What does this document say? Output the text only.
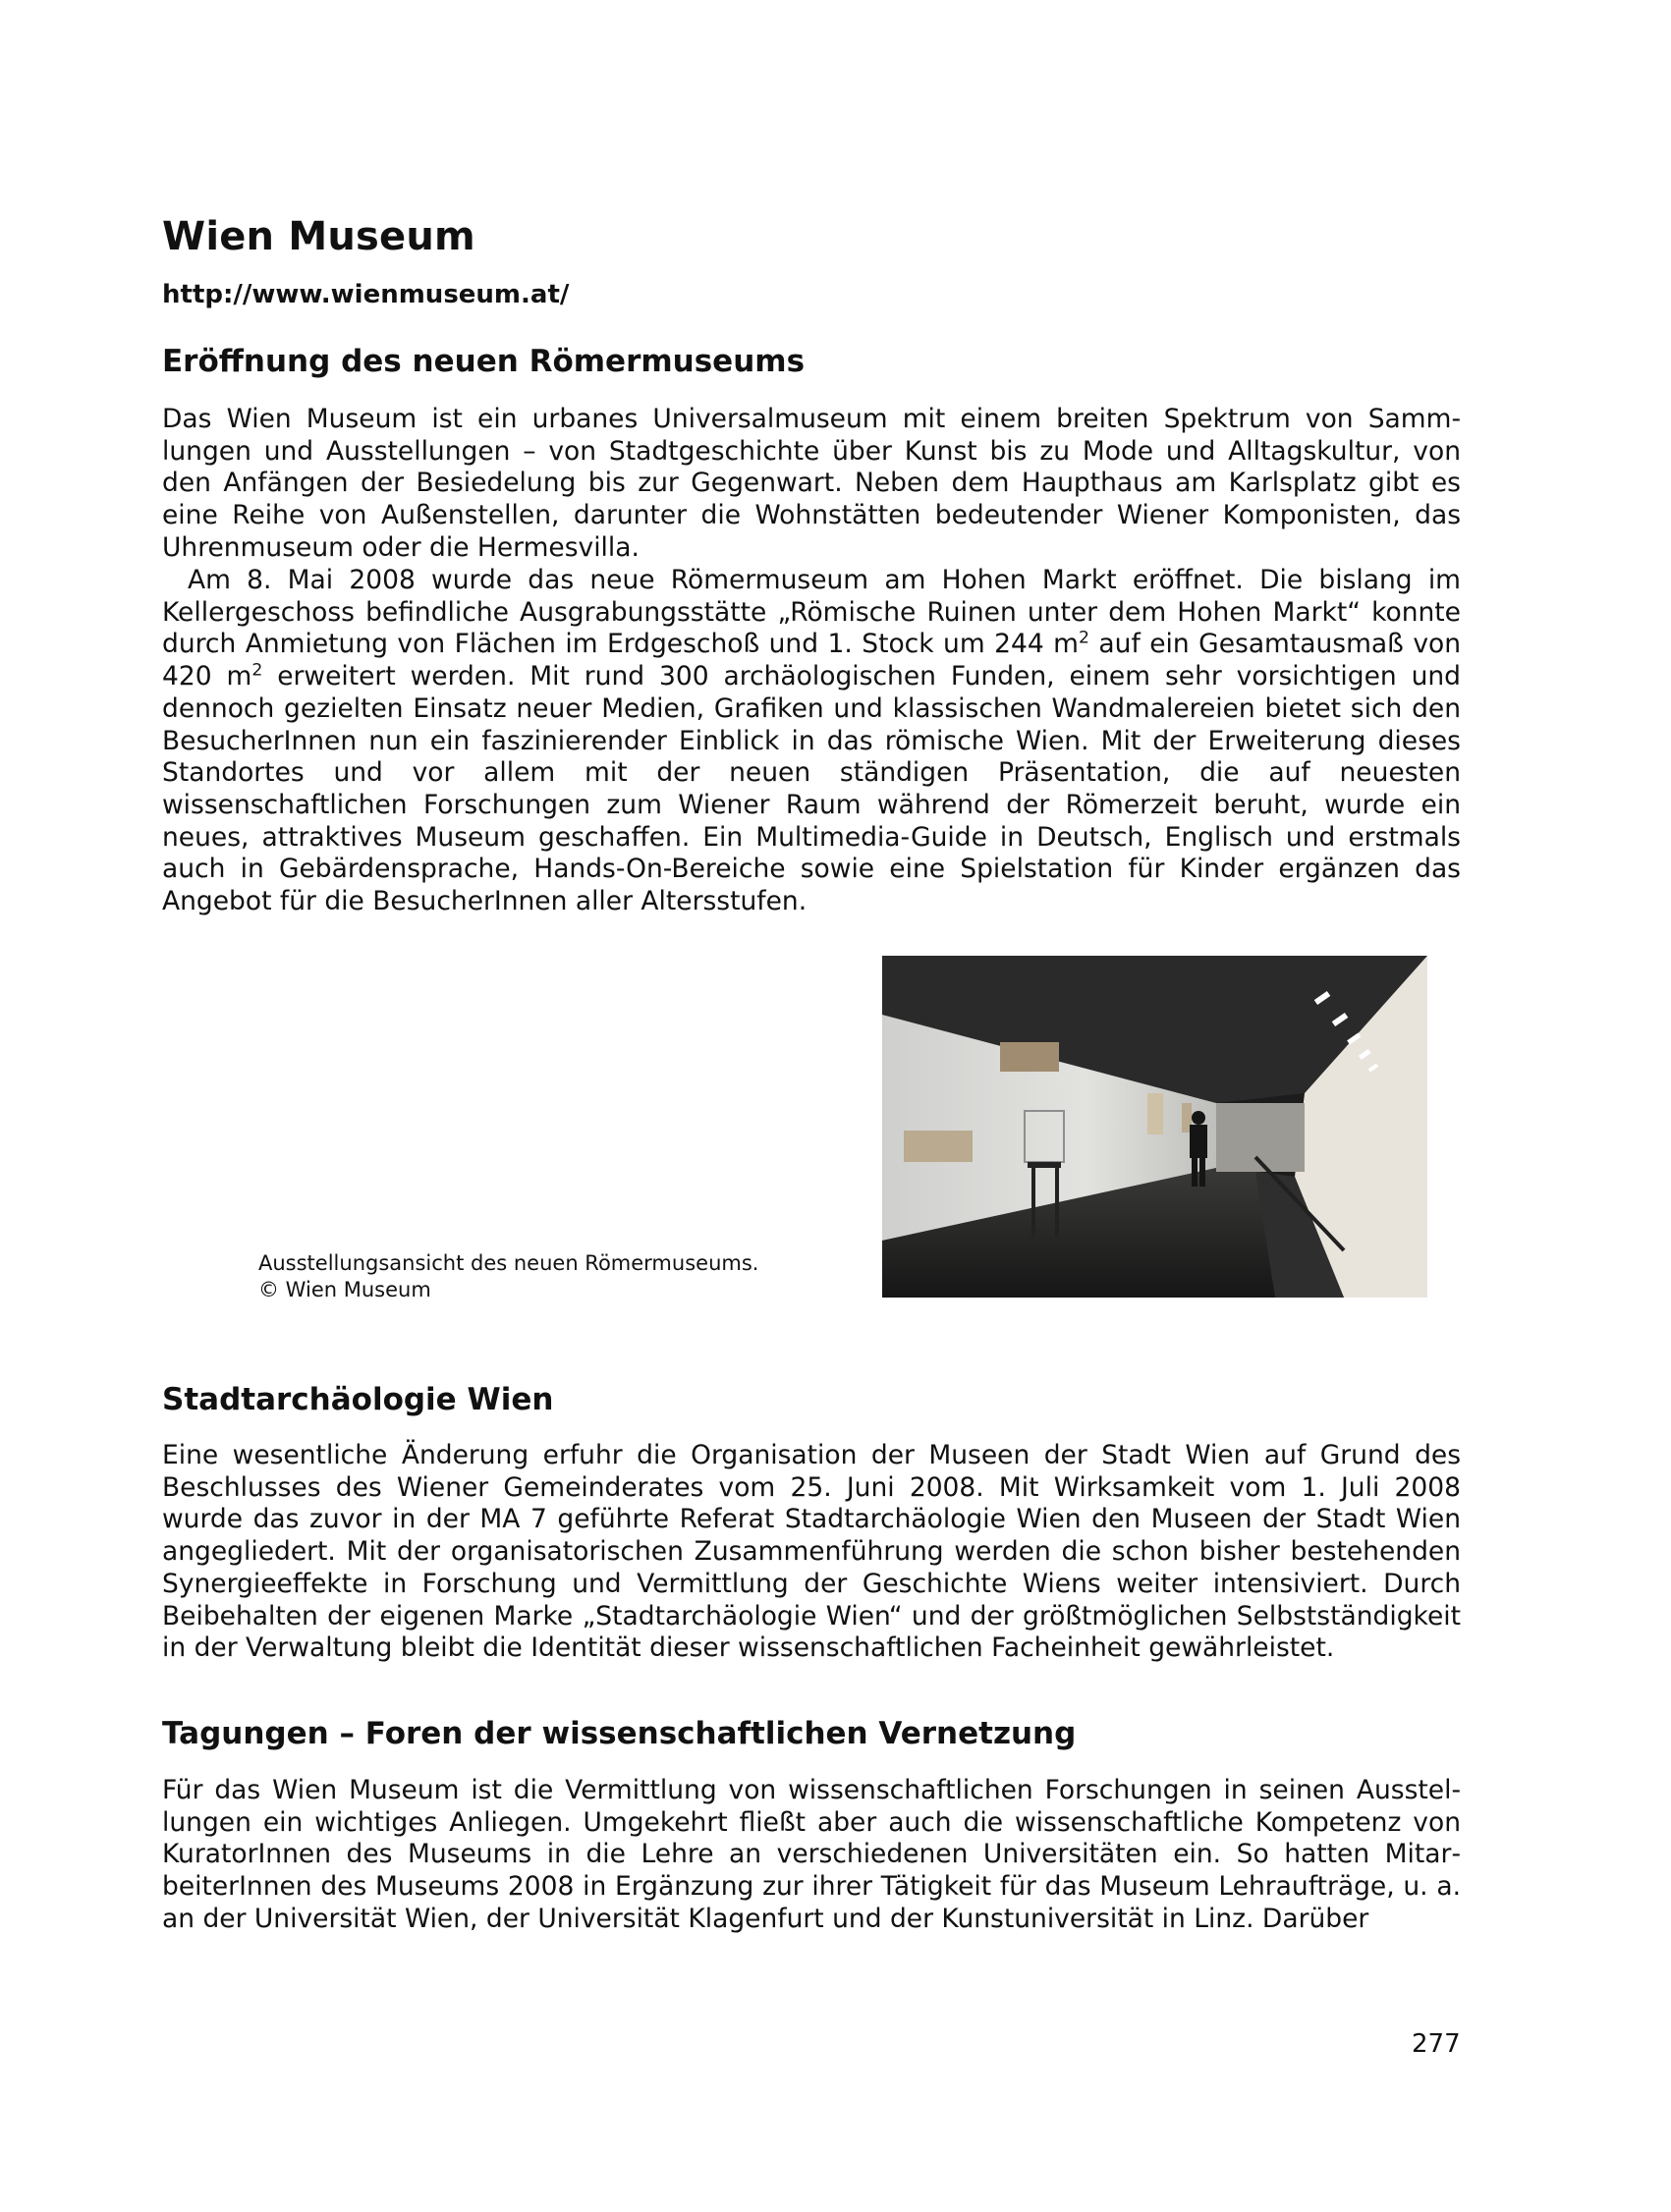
Wien Museum
http://www.wienmuseum.at/
Eröffnung des neuen Römermuseums

Das Wien Museum ist ein urbanes Universalmuseum mit einem breiten Spektrum von Sammlungen und Ausstellungen – von Stadtgeschichte über Kunst bis zu Mode und Alltagskultur, von den Anfängen der Besiedelung bis zur Gegenwart. Neben dem Haupthaus am Karlsplatz gibt es eine Reihe von Außenstellen, darunter die Wohnstätten bedeutender Wiener Komponisten, das Uhrenmuseum oder die Hermesvilla.

Am 8. Mai 2008 wurde das neue Römermuseum am Hohen Markt eröffnet. Die bislang im Kellergeschoss befindliche Ausgrabungsstätte „Römische Ruinen unter dem Hohen Markt“ konnte durch Anmietung von Flächen im Erdgeschoß und 1. Stock um 244 $m^2$ auf ein Gesamtausmaß von 420 $m^2$ erweitert werden. Mit rund 300 archäologischen Funden, einem sehr vorsichtigen und dennoch gezielten Einsatz neuer Medien, Grafiken und klassischen Wandmalereien bietet sich den BesucherInnen nun ein faszinierender Einblick in das römische Wien. Mit der Erweiterung dieses Standortes und vor allem mit der neuen ständigen Präsentation, die auf neuesten wissenschaftlichen Forschungen zum Wiener Raum während der Römerzeit beruht, wurde ein neues, attraktives Museum geschaffen. Ein Multimedia-Guide in Deutsch, Englisch und erstmals auch in Gebärdensprache, Hands-On-Bereiche sowie eine Spielstation für Kinder ergänzen das Angebot für die BesucherInnen aller Altersstufen.

Ausstellungsansicht des neuen Römermuseums.
© Wien Museum
Stadtarchäologie Wien

Eine wesentliche Änderung erfuhr die Organisation der Museen der Stadt Wien auf Grund des Beschlusses des Wiener Gemeinderates vom 25. Juni 2008. Mit Wirksamkeit vom 1. Juli 2008 wurde das zuvor in der MA 7 geführte Referat Stadtarchäologie Wien den Museen der Stadt Wien angegliedert. Mit der organisatorischen Zusammenführung werden die schon bisher bestehenden Synergieeffekte in Forschung und Vermittlung der Geschichte Wiens weiter intensiviert. Durch Beibehalten der eigenen Marke „Stadtarchäologie Wien“ und der größtmöglichen Selbstständigkeit in der Verwaltung bleibt die Identität dieser wissenschaftlichen Facheinheit gewährleistet.

Tagungen – Foren der wissenschaftlichen Vernetzung

Für das Wien Museum ist die Vermittlung von wissenschaftlichen Forschungen in seinen Ausstellungen ein wichtiges Anliegen. Umgekehrt fließt aber auch die wissenschaftliche Kompetenz von KuratorInnen des Museums in die Lehre an verschiedenen Universitäten ein. So hatten MitarbeiterInnen des Museums 2008 in Ergänzung zur ihrer Tätigkeit für das Museum Lehraufträge, u. a. an der Universität Wien, der Universität Klagenfurt und der Kunstuniversität in Linz. Darüber

277
